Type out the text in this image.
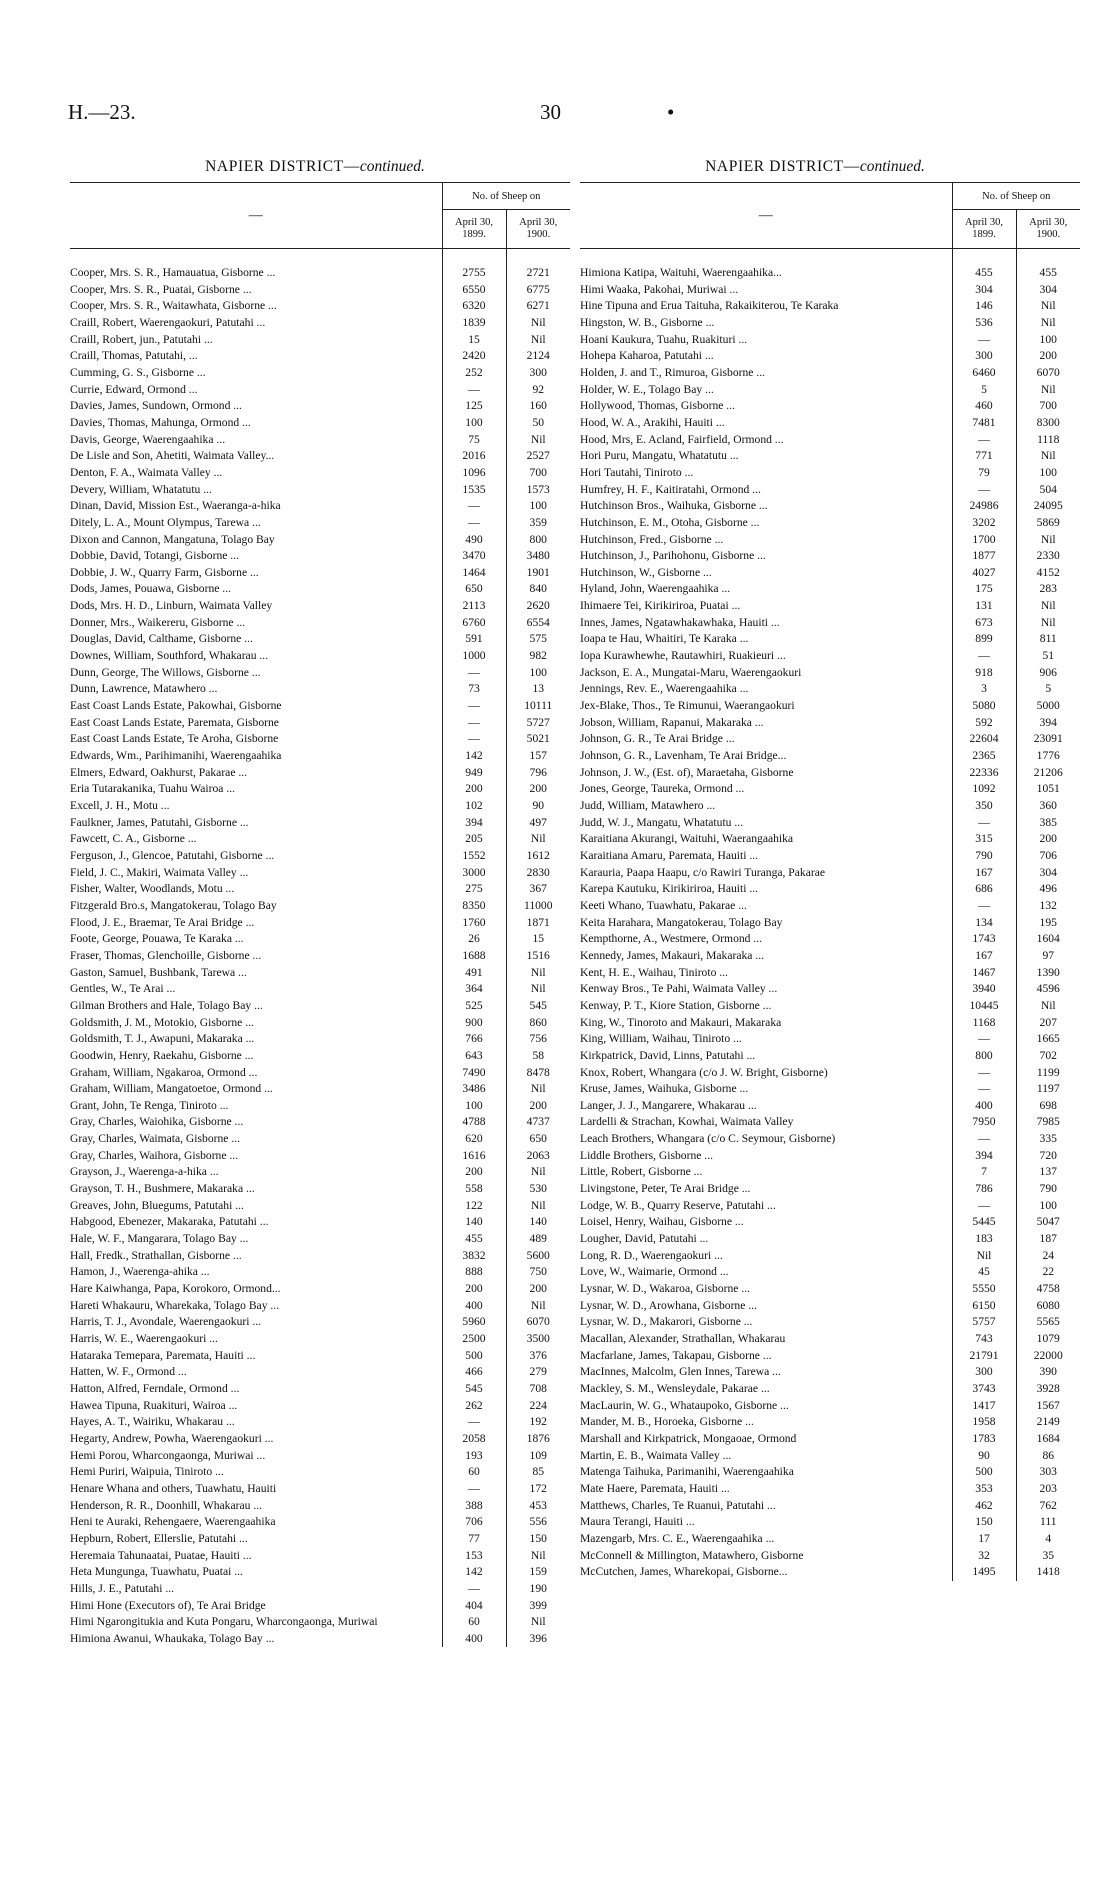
H.—23.	30	•
NAPIER DISTRICT—continued.	NAPIER DISTRICT—continued.
—	No. of Sheep on	
	April 30, 1899.	April 30, 1900.

Cooper, Mrs. S. R., Hamauatua, Gisborne ...	2755	2721
Cooper, Mrs. S. R., Puatai, Gisborne ...	6550	6775
Cooper, Mrs. S. R., Waitawhata, Gisborne ...	6320	6271
Craill, Robert, Waerengaokuri, Patutahi ...	1839	Nil
Craill, Robert, jun., Patutahi ...	15	Nil
Craill, Thomas, Patutahi, ...	2420	2124
Cumming, G. S., Gisborne ...	252	300
Currie, Edward, Ormond ...	—	92
Davies, James, Sundown, Ormond ...	125	160
Davies, Thomas, Mahunga, Ormond ...	100	50
Davis, George, Waerengaahika ...	75	Nil
De Lisle and Son, Ahetiti, Waimata Valley...	2016	2527
Denton, F. A., Waimata Valley ...	1096	700
Devery, William, Whatatutu ...	1535	1573
Dinan, David, Mission Est., Waeranga-a-hika	—	100
Ditely, L. A., Mount Olympus, Tarewa ...	—	359
Dixon and Cannon, Mangatuna, Tolago Bay	490	800
Dobbie, David, Totangi, Gisborne ...	3470	3480
Dobbie, J. W., Quarry Farm, Gisborne ...	1464	1901
Dods, James, Pouawa, Gisborne ...	650	840
Dods, Mrs. H. D., Linburn, Waimata Valley	2113	2620
Donner, Mrs., Waikereru, Gisborne ...	6760	6554
Douglas, David, Calthame, Gisborne ...	591	575
Downes, William, Southford, Whakarau ...	1000	982
Dunn, George, The Willows, Gisborne ...	—	100
Dunn, Lawrence, Matawhero ...	73	13
East Coast Lands Estate, Pakowhai, Gisborne	—	10111
East Coast Lands Estate, Paremata, Gisborne	—	5727
East Coast Lands Estate, Te Aroha, Gisborne	—	5021
Edwards, Wm., Parihimanihi, Waerengaahika	142	157
Elmers, Edward, Oakhurst, Pakarae ...	949	796
Eria Tutarakanika, Tuahu Wairoa ...	200	200
Excell, J. H., Motu ...	102	90
Faulkner, James, Patutahi, Gisborne ...	394	497
Fawcett, C. A., Gisborne ...	205	Nil
Ferguson, J., Glencoe, Patutahi, Gisborne ...	1552	1612
Field, J. C., Makiri, Waimata Valley ...	3000	2830
Fisher, Walter, Woodlands, Motu ...	275	367
Fitzgerald Bro.s, Mangatokerau, Tolago Bay	8350	11000
Flood, J. E., Braemar, Te Arai Bridge ...	1760	1871
Foote, George, Pouawa, Te Karaka ...	26	15
Fraser, Thomas, Glenchoille, Gisborne ...	1688	1516
Gaston, Samuel, Bushbank, Tarewa ...	491	Nil
Gentles, W., Te Arai ...	364	Nil
Gilman Brothers and Hale, Tolago Bay ...	525	545
Goldsmith, J. M., Motokio, Gisborne ...	900	860
Goldsmith, T. J., Awapuni, Makaraka ...	766	756
Goodwin, Henry, Raekahu, Gisborne ...	643	58
Graham, William, Ngakaroa, Ormond ...	7490	8478
Graham, William, Mangatoetoe, Ormond ...	3486	Nil
Grant, John, Te Renga, Tiniroto ...	100	200
Gray, Charles, Waiohika, Gisborne ...	4788	4737
Gray, Charles, Waimata, Gisborne ...	620	650
Gray, Charles, Waihora, Gisborne ...	1616	2063
Grayson, J., Waerenga-a-hika ...	200	Nil
Grayson, T. H., Bushmere, Makaraka ...	558	530
Greaves, John, Bluegums, Patutahi ...	122	Nil
Habgood, Ebenezer, Makaraka, Patutahi ...	140	140
Hale, W. F., Mangarara, Tolago Bay ...	455	489
Hall, Fredk., Strathallan, Gisborne ...	3832	5600
Hamon, J., Waerenga-ahika ...	888	750
Hare Kaiwhanga, Papa, Korokoro, Ormond...	200	200
Hareti Whakauru, Wharekaka, Tolago Bay ...	400	Nil
Harris, T. J., Avondale, Waerengaokuri ...	5960	6070
Harris, W. E., Waerengaokuri ...	2500	3500
Hataraka Temepara, Paremata, Hauiti ...	500	376
Hatten, W. F., Ormond ...	466	279
Hatton, Alfred, Ferndale, Ormond ...	545	708
Hawea Tipuna, Ruakituri, Wairoa ...	262	224
Hayes, A. T., Wairiku, Whakarau ...	—	192
Hegarty, Andrew, Powha, Waerengaokuri ...	2058	1876
Hemi Porou, Wharcongaonga, Muriwai ...	193	109
Hemi Puriri, Waipuia, Tiniroto ...	60	85
Henare Whana and others, Tuawhatu, Hauiti	—	172
Henderson, R. R., Doonhill, Whakarau ...	388	453
Heni te Auraki, Rehengaere, Waerengaahika	706	556
Hepburn, Robert, Ellerslie, Patutahi ...	77	150
Heremaia Tahunaatai, Puatae, Hauiti ...	153	Nil
Heta Mungunga, Tuawhatu, Puatai ...	142	159
Hills, J. E., Patutahi ...	—	190
Himi Hone (Executors of), Te Arai Bridge	404	399
Himi Ngarongitukia and Kuta Pongaru, Wharcongaonga, Muriwai	60	Nil
Himiona Awanui, Whaukaka, Tolago Bay ...	400	396
—	No. of Sheep on	
	April 30, 1899.	April 30, 1900.

Himiona Katipa, Waituhi, Waerengaahika...	455	455
Himi Waaka, Pakohai, Muriwai ...	304	304
Hine Tipuna and Erua Taituha, Rakaikiterou, Te Karaka	146	Nil
Hingston, W. B., Gisborne ...	536	Nil
Hoani Kaukura, Tuahu, Ruakituri ...	—	100
Hohepa Kaharoa, Patutahi ...	300	200
Holden, J. and T., Rimuroa, Gisborne ...	6460	6070
Holder, W. E., Tolago Bay ...	5	Nil
Hollywood, Thomas, Gisborne ...	460	700
Hood, W. A., Arakihi, Hauiti ...	7481	8300
Hood, Mrs, E. Acland, Fairfield, Ormond ...	—	1118
Hori Puru, Mangatu, Whatatutu ...	771	Nil
Hori Tautahi, Tiniroto ...	79	100
Humfrey, H. F., Kaitiratahi, Ormond ...	—	504
Hutchinson Bros., Waihuka, Gisborne ...	24986	24095
Hutchinson, E. M., Otoha, Gisborne ...	3202	5869
Hutchinson, Fred., Gisborne ...	1700	Nil
Hutchinson, J., Parihohonu, Gisborne ...	1877	2330
Hutchinson, W., Gisborne ...	4027	4152
Hyland, John, Waerengaahika ...	175	283
Ihimaere Tei, Kirikiriroa, Puatai ...	131	Nil
Innes, James, Ngatawhakawhaka, Hauiti ...	673	Nil
Ioapa te Hau, Whaitiri, Te Karaka ...	899	811
Iopa Kurawhewhe, Rautawhiri, Ruakieuri ...	—	51
Jackson, E. A., Mungatai-Maru, Waerengaokuri	918	906
Jennings, Rev. E., Waerengaahika ...	3	5
Jex-Blake, Thos., Te Rimunui, Waerangaokuri	5080	5000
Jobson, William, Rapanui, Makaraka ...	592	394
Johnson, G. R., Te Arai Bridge ...	22604	23091
Johnson, G. R., Lavenham, Te Arai Bridge...	2365	1776
Johnson, J. W., (Est. of), Maraetaha, Gisborne	22336	21206
Jones, George, Taureka, Ormond ...	1092	1051
Judd, William, Matawhero ...	350	360
Judd, W. J., Mangatu, Whatatutu ...	—	385
Karaitiana Akurangi, Waituhi, Waerangaahika	315	200
Karaitiana Amaru, Paremata, Hauiti ...	790	706
Karauria, Paapa Haapu, c/o Rawiri Turanga, Pakarae	167	304
Karepa Kautuku, Kirikiriroa, Hauiti ...	686	496
Keeti Whano, Tuawhatu, Pakarae ...	—	132
Keita Harahara, Mangatokerau, Tolago Bay	134	195
Kempthorne, A., Westmere, Ormond ...	1743	1604
Kennedy, James, Makauri, Makaraka ...	167	97
Kent, H. E., Waihau, Tiniroto ...	1467	1390
Kenway Bros., Te Pahi, Waimata Valley ...	3940	4596
Kenway, P. T., Kiore Station, Gisborne ...	10445	Nil
King, W., Tinoroto and Makauri, Makaraka	1168	207
King, William, Waihau, Tiniroto ...	—	1665
Kirkpatrick, David, Linns, Patutahi ...	800	702
Knox, Robert, Whangara (c/o J. W. Bright, Gisborne)	—	1199
Kruse, James, Waihuka, Gisborne ...	—	1197
Langer, J. J., Mangarere, Whakarau ...	400	698
Lardelli & Strachan, Kowhai, Waimata Valley	7950	7985
Leach Brothers, Whangara (c/o C. Seymour, Gisborne)	—	335
Liddle Brothers, Gisborne ...	394	720
Little, Robert, Gisborne ...	7	137
Livingstone, Peter, Te Arai Bridge ...	786	790
Lodge, W. B., Quarry Reserve, Patutahi ...	—	100
Loisel, Henry, Waihau, Gisborne ...	5445	5047
Lougher, David, Patutahi ...	183	187
Long, R. D., Waerengaokuri ...	Nil	24
Love, W., Waimarie, Ormond ...	45	22
Lysnar, W. D., Wakaroa, Gisborne ...	5550	4758
Lysnar, W. D., Arowhana, Gisborne ...	6150	6080
Lysnar, W. D., Makarori, Gisborne ...	5757	5565
Macallan, Alexander, Strathallan, Whakarau	743	1079
Macfarlane, James, Takapau, Gisborne ...	21791	22000
MacInnes, Malcolm, Glen Innes, Tarewa ...	300	390
Mackley, S. M., Wensleydale, Pakarae ...	3743	3928
MacLaurin, W. G., Whatаupoko, Gisborne ...	1417	1567
Mander, M. B., Horoeka, Gisborne ...	1958	2149
Marshall and Kirkpatrick, Mongaoae, Ormond	1783	1684
Martin, E. B., Waimata Valley ...	90	86
Matenga Taihuka, Parimanihi, Waerengaahika	500	303
Mate Haere, Paremata, Hauiti ...	353	203
Matthews, Charles, Te Ruanui, Patutahi ...	462	762
Maura Terangi, Hauiti ...	150	111
Mazengarb, Mrs. C. E., Waerengaahika ...	17	4
McConnell & Millington, Matawhero, Gisborne	32	35
McCutchen, James, Wharekopai, Gisborne...	1495	1418
